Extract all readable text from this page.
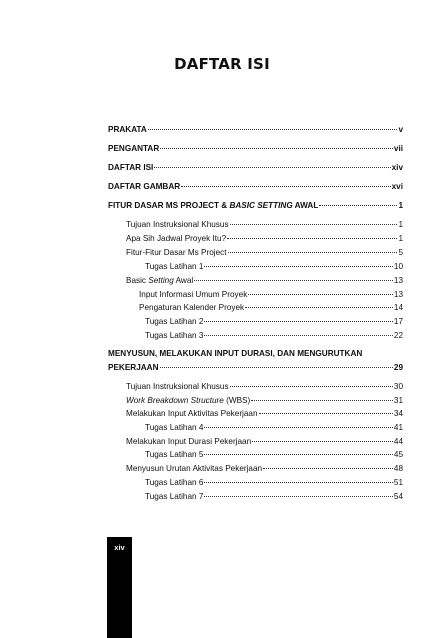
DAFTAR ISI
PRAKATA	v
PENGANTAR	vii
DAFTAR ISI	xiv
DAFTAR GAMBAR	xvi
FITUR DASAR MS PROJECT & BASIC SETTING AWAL	1
Tujuan Instruksional Khusus	1
Apa Sih Jadwal Proyek Itu?	1
Fitur-Fitur Dasar Ms Project	5
Tugas Latihan 1	10
Basic Setting Awal	13
Input Informasi Umum Proyek	13
Pengaturan Kalender Proyek	14
Tugas Latihan 2	17
Tugas Latihan 3	22
MENYUSUN, MELAKUKAN INPUT DURASI, DAN MENGURUTKAN
PEKERJAAN	29
Tujuan Instruksional Khusus	30
Work Breakdown Structure (WBS)	31
Melakukan Input Aktivitas Pekerjaan	34
Tugas Latihan 4	41
Melakukan Input Durasi Pekerjaan	44
Tugas Latihan 5	45
Menyusun Urutan Aktivitas Pekerjaan	48
Tugas Latihan 6	51
Tugas Latihan 7	54
xiv
